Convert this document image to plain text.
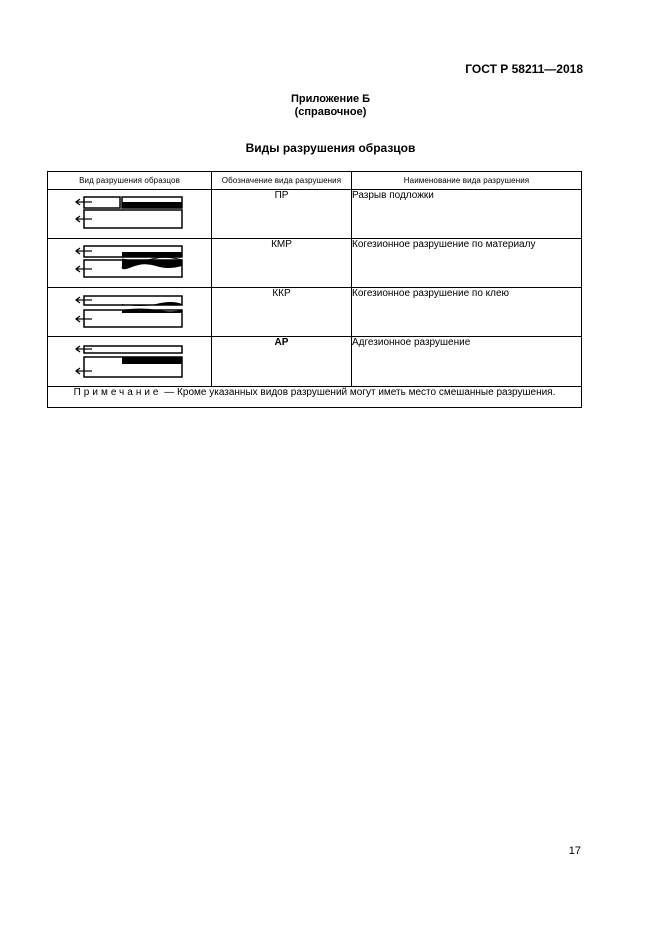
ГОСТ Р 58211—2018
Приложение Б
(справочное)
Виды разрушения образцов
Вид разрушения образцов	Обозначение вида разрушения	Наименование вида разрушения

	ПР	Разрыв подложки

	КМР	Когезионное разрушение по материалу

	ККР	Когезионное разрушение по клею

	АР	Адгезионное разрушение
Примечание — Кроме указанных видов разрушений могут иметь место смешанные разрушения.		
17
